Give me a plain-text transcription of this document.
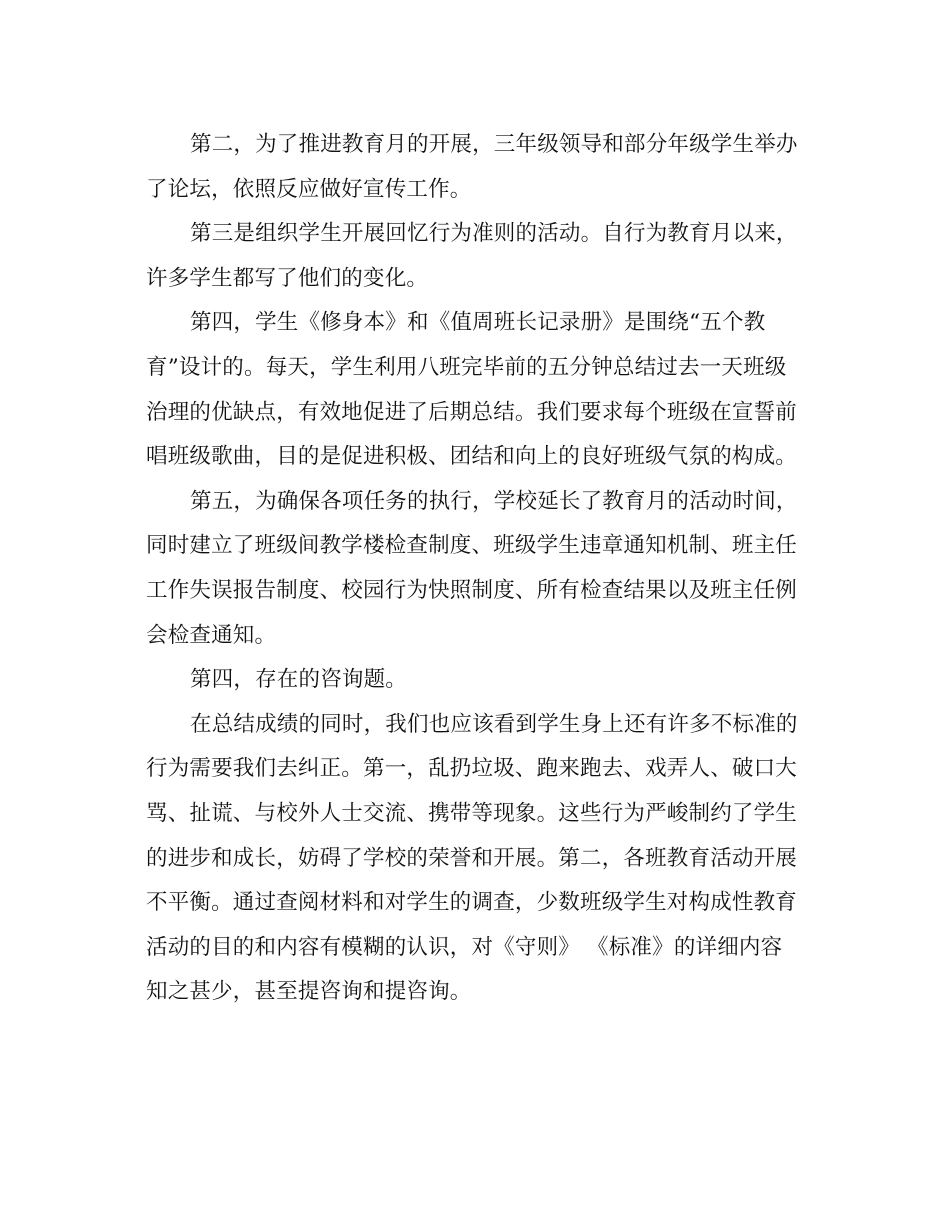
第二，为了推进教育月的开展，三年级领导和部分年级学生举办
了论坛，依照反应做好宣传工作。
第三是组织学生开展回忆行为准则的活动。自行为教育月以来，
许多学生都写了他们的变化。
第四，学生《修身本》和《值周班长记录册》是围绕“五个教
育”设计的。每天，学生利用八班完毕前的五分钟总结过去一天班级
治理的优缺点，有效地促进了后期总结。我们要求每个班级在宣誓前
唱班级歌曲，目的是促进积极、团结和向上的良好班级气氛的构成。
第五，为确保各项任务的执行，学校延长了教育月的活动时间，
同时建立了班级间教学楼检查制度、班级学生违章通知机制、班主任
工作失误报告制度、校园行为快照制度、所有检查结果以及班主任例
会检查通知。
第四，存在的咨询题。
在总结成绩的同时，我们也应该看到学生身上还有许多不标准的
行为需要我们去纠正。第一，乱扔垃圾、跑来跑去、戏弄人、破口大
骂、扯谎、与校外人士交流、携带等现象。这些行为严峻制约了学生
的进步和成长，妨碍了学校的荣誉和开展。第二，各班教育活动开展
不平衡。通过查阅材料和对学生的调查，少数班级学生对构成性教育
活动的目的和内容有模糊的认识，对《守则》 《标准》的详细内容
知之甚少，甚至提咨询和提咨询。
